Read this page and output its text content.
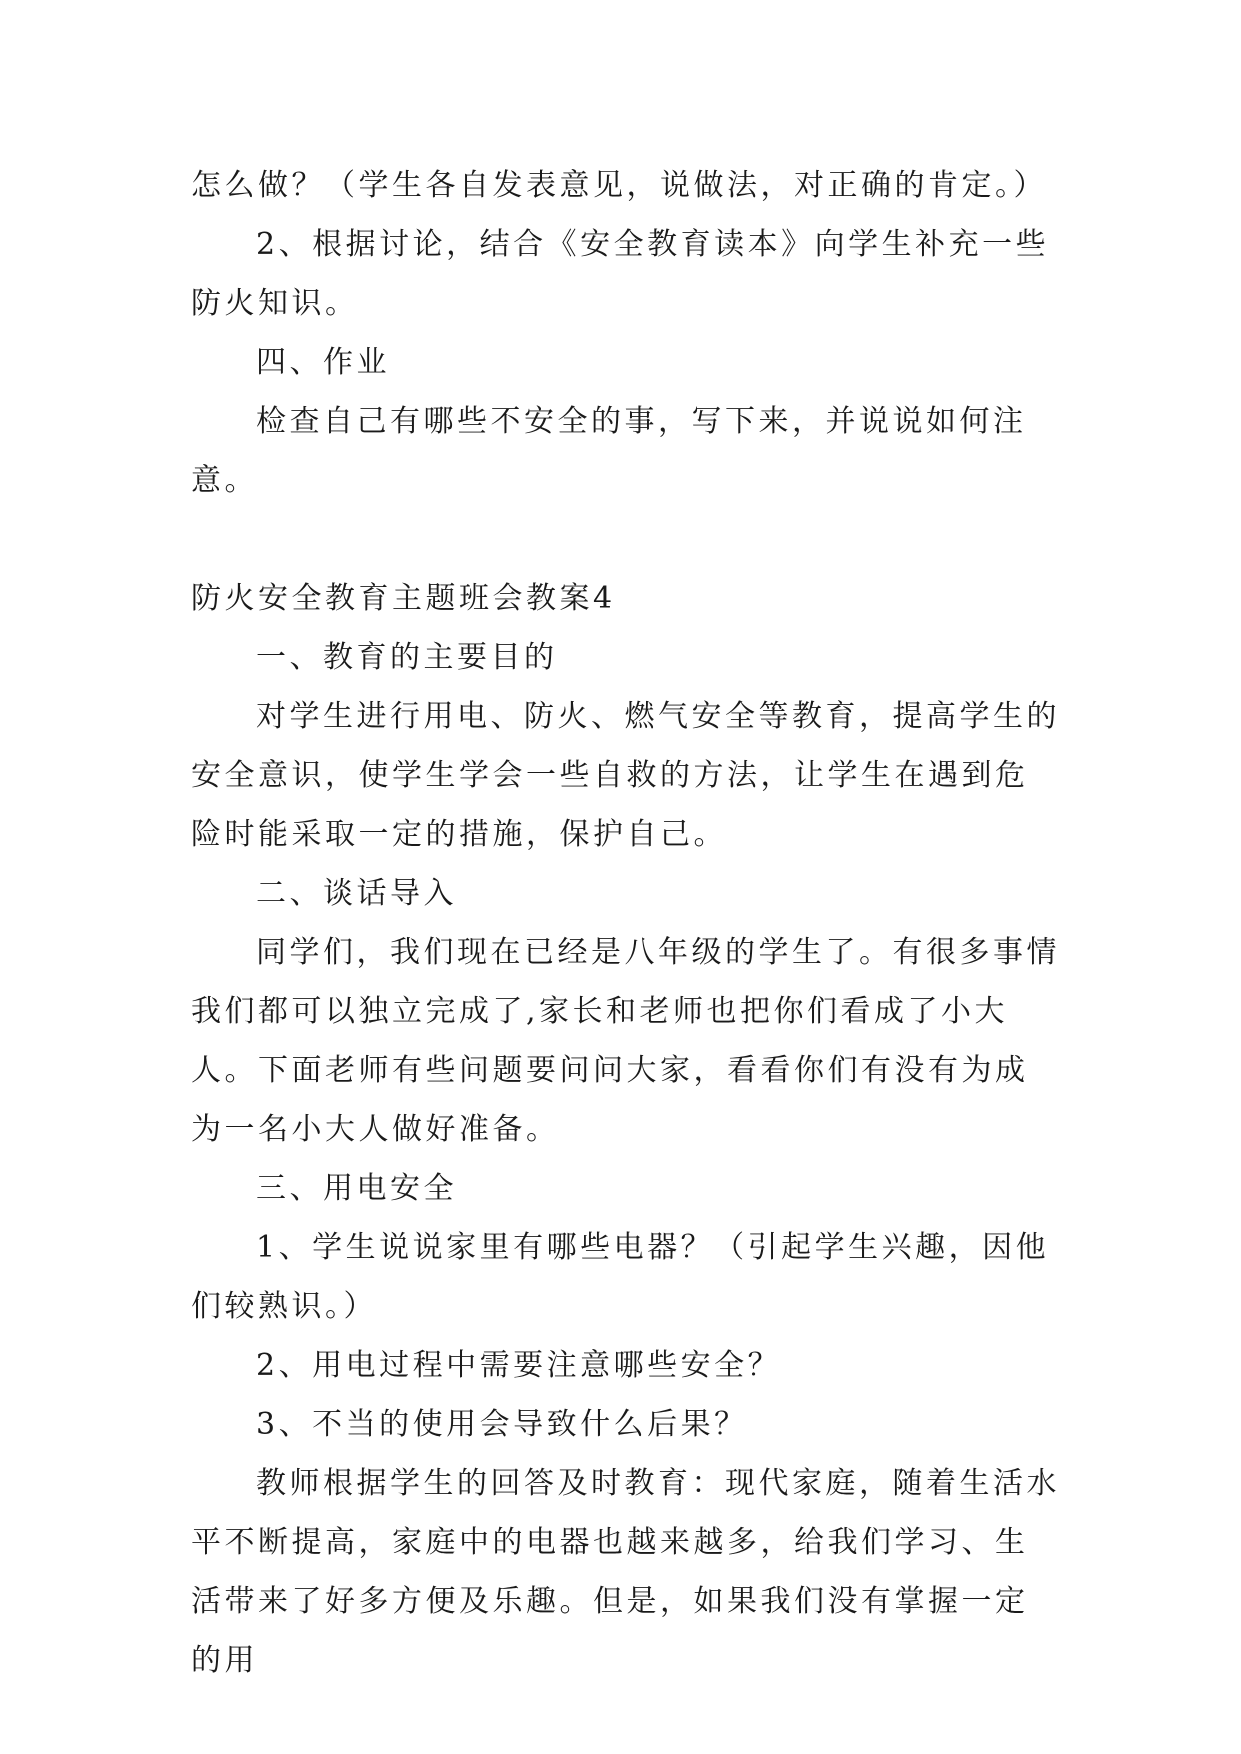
怎么做？（学生各自发表意见，说做法，对正确的肯定。）

2、根据讨论，结合《安全教育读本》向学生补充一些防火知识。

四、作业

检查自己有哪些不安全的事，写下来，并说说如何注意。

防火安全教育主题班会教案4

一、教育的主要目的

对学生进行用电、防火、燃气安全等教育，提高学生的安全意识，使学生学会一些自救的方法，让学生在遇到危险时能采取一定的措施，保护自己。

二、谈话导入

同学们，我们现在已经是八年级的学生了。有很多事情我们都可以独立完成了,家长和老师也把你们看成了小大人。下面老师有些问题要问问大家，看看你们有没有为成为一名小大人做好准备。

三、用电安全

1、学生说说家里有哪些电器？（引起学生兴趣，因他们较熟识。）

2、用电过程中需要注意哪些安全？

3、不当的使用会导致什么后果？

教师根据学生的回答及时教育：现代家庭，随着生活水平不断提高，家庭中的电器也越来越多，给我们学习、生活带来了好多方便及乐趣。但是，如果我们没有掌握一定的用
